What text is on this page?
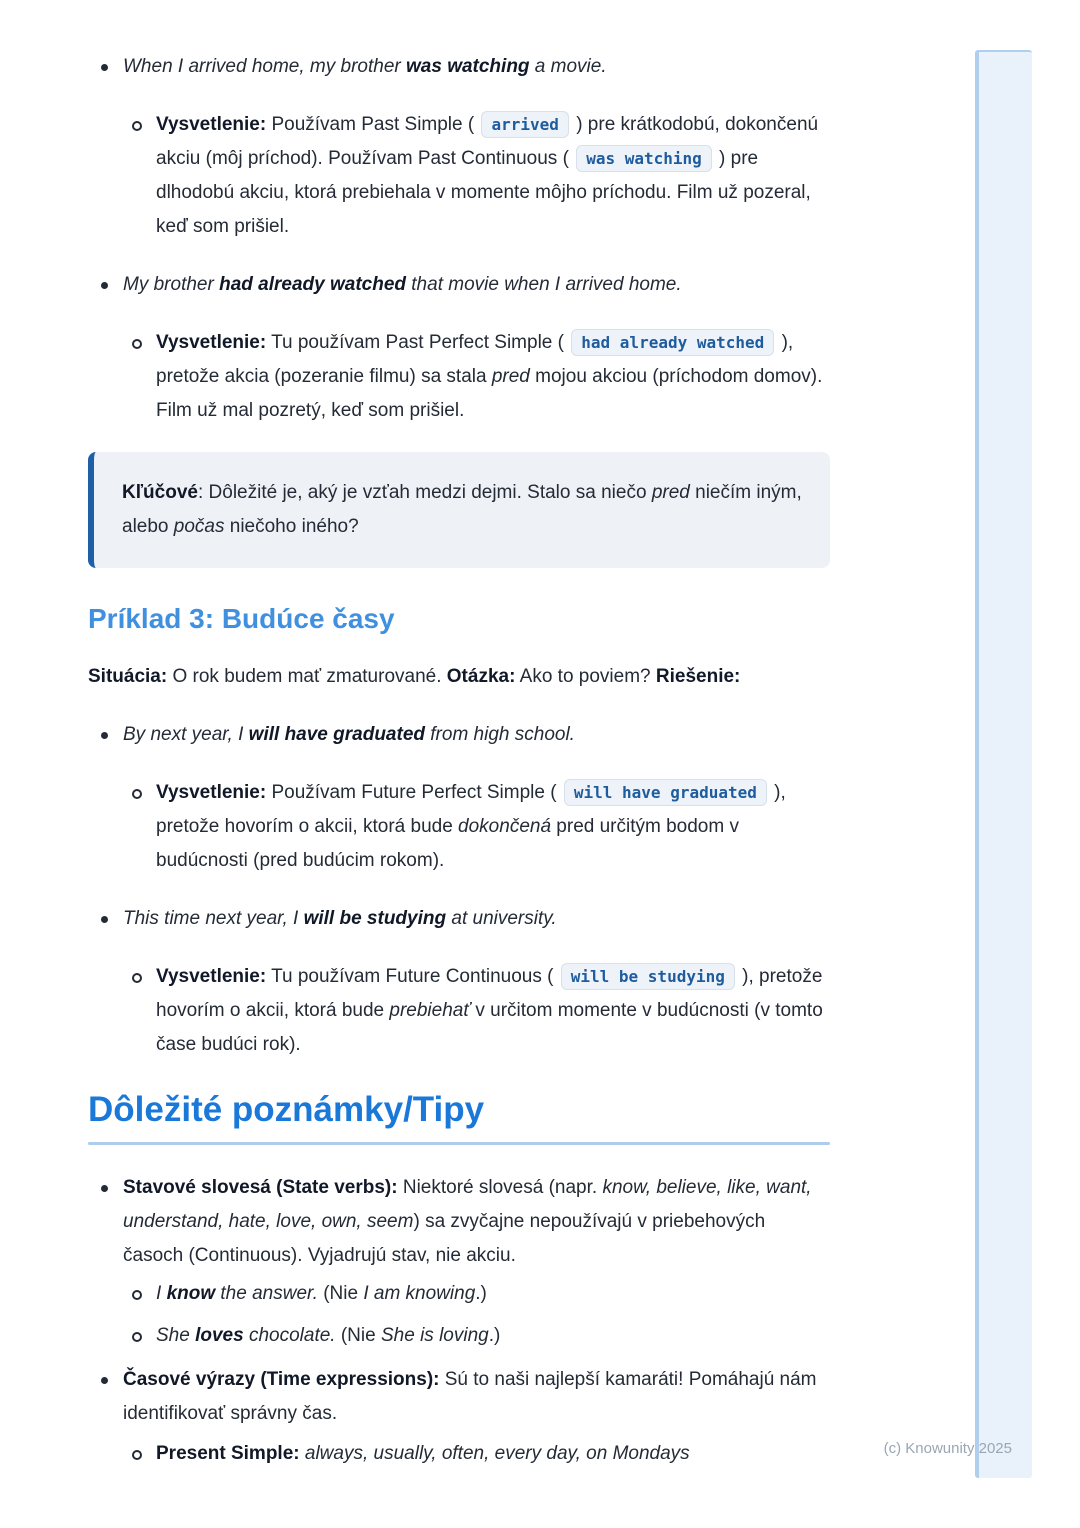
When I arrived home, my brother was watching a movie.
Vysvetlenie: Používam Past Simple ( arrived ) pre krátkodobú, dokončenú akciu (môj príchod). Používam Past Continuous ( was watching ) pre dlhodobú akciu, ktorá prebiehala v momente môjho príchodu. Film už pozeral, keď som prišiel.
My brother had already watched that movie when I arrived home.
Vysvetlenie: Tu používam Past Perfect Simple ( had already watched ), pretože akcia (pozeranie filmu) sa stala pred mojou akciou (príchodom domov). Film už mal pozretý, keď som prišiel.
Kľúčové: Dôležité je, aký je vzťah medzi dejmi. Stalo sa niečo pred niečím iným, alebo počas niečoho iného?
Príklad 3: Budúce časy

Situácia: O rok budem mať zmaturované. Otázka: Ako to poviem? Riešenie:

By next year, I will have graduated from high school.
Vysvetlenie: Používam Future Perfect Simple ( will have graduated ), pretože hovorím o akcii, ktorá bude dokončená pred určitým bodom v budúcnosti (pred budúcim rokom).
This time next year, I will be studying at university.
Vysvetlenie: Tu používam Future Continuous ( will be studying ), pretože hovorím o akcii, ktorá bude prebiehať v určitom momente v budúcnosti (v tomto čase budúci rok).
Dôležité poznámky/Tipy
Stavové slovesá (State verbs): Niektoré slovesá (napr. know, believe, like, want, understand, hate, love, own, seem) sa zvyčajne nepoužívajú v priebehových časoch (Continuous). Vyjadrujú stav, nie akciu.
I know the answer. (Nie I am knowing.)
She loves chocolate. (Nie She is loving.)
Časové výrazy (Time expressions): Sú to naši najlepší kamaráti! Pomáhajú nám identifikovať správny čas.
Present Simple: always, usually, often, every day, on Mondays	(c) Knowunity 2025
